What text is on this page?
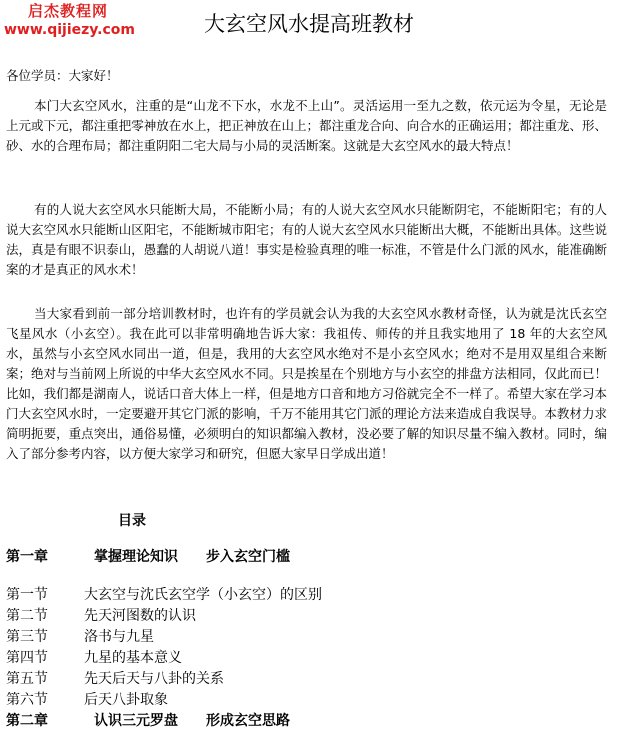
启杰教程网
www.qijiezy.com	大玄空风水提高班教材
各位学员：大家好！

本门大玄空风水，注重的是“山龙不下水，水龙不上山”。灵活运用一至九之数，依元运为令星，无论是上元或下元，都注重把零神放在水上，把正神放在山上；都注重龙合向、向合水的正确运用；都注重龙、形、砂、水的合理布局；都注重阴阳二宅大局与小局的灵活断案。这就是大玄空风水的最大特点！

有的人说大玄空风水只能断大局，不能断小局；有的人说大玄空风水只能断阴宅，不能断阳宅；有的人说大玄空风水只能断山区阳宅，不能断城市阳宅；有的人说大玄空风水只能断出大概，不能断出具体。这些说法，真是有眼不识泰山，愚蠢的人胡说八道！事实是检验真理的唯一标准，不管是什么门派的风水，能准确断案的才是真正的风水术！

当大家看到前一部分培训教材时，也许有的学员就会认为我的大玄空风水教材奇怪，认为就是沈氏玄空飞星风水（小玄空）。我在此可以非常明确地告诉大家：我祖传、师传的并且我实地用了 18 年的大玄空风水，虽然与小玄空风水同出一道，但是，我用的大玄空风水绝对不是小玄空风水；绝对不是用双星组合来断案；绝对与当前网上所说的中华大玄空风水不同。只是挨星在个别地方与小玄空的排盘方法相同，仅此而已！比如，我们都是湖南人，说话口音大体上一样，但是地方口音和地方习俗就完全不一样了。希望大家在学习本门大玄空风水时，一定要避开其它门派的影响，千万不能用其它门派的理论方法来造成自我误导。本教材力求简明扼要，重点突出，通俗易懂，必须明白的知识都编入教材，没必要了解的知识尽量不编入教材。同时，编入了部分参考内容，以方便大家学习和研究，但愿大家早日学成出道！

目录
第一章	掌握理论知识　　步入玄空门槛
第一节	大玄空与沈氏玄空学（小玄空）的区别
第二节	先天河图数的认识
第三节	洛书与九星
第四节	九星的基本意义
第五节	先天后天与八卦的关系
第六节	后天八卦取象
第二章	认识三元罗盘　　形成玄空思路
